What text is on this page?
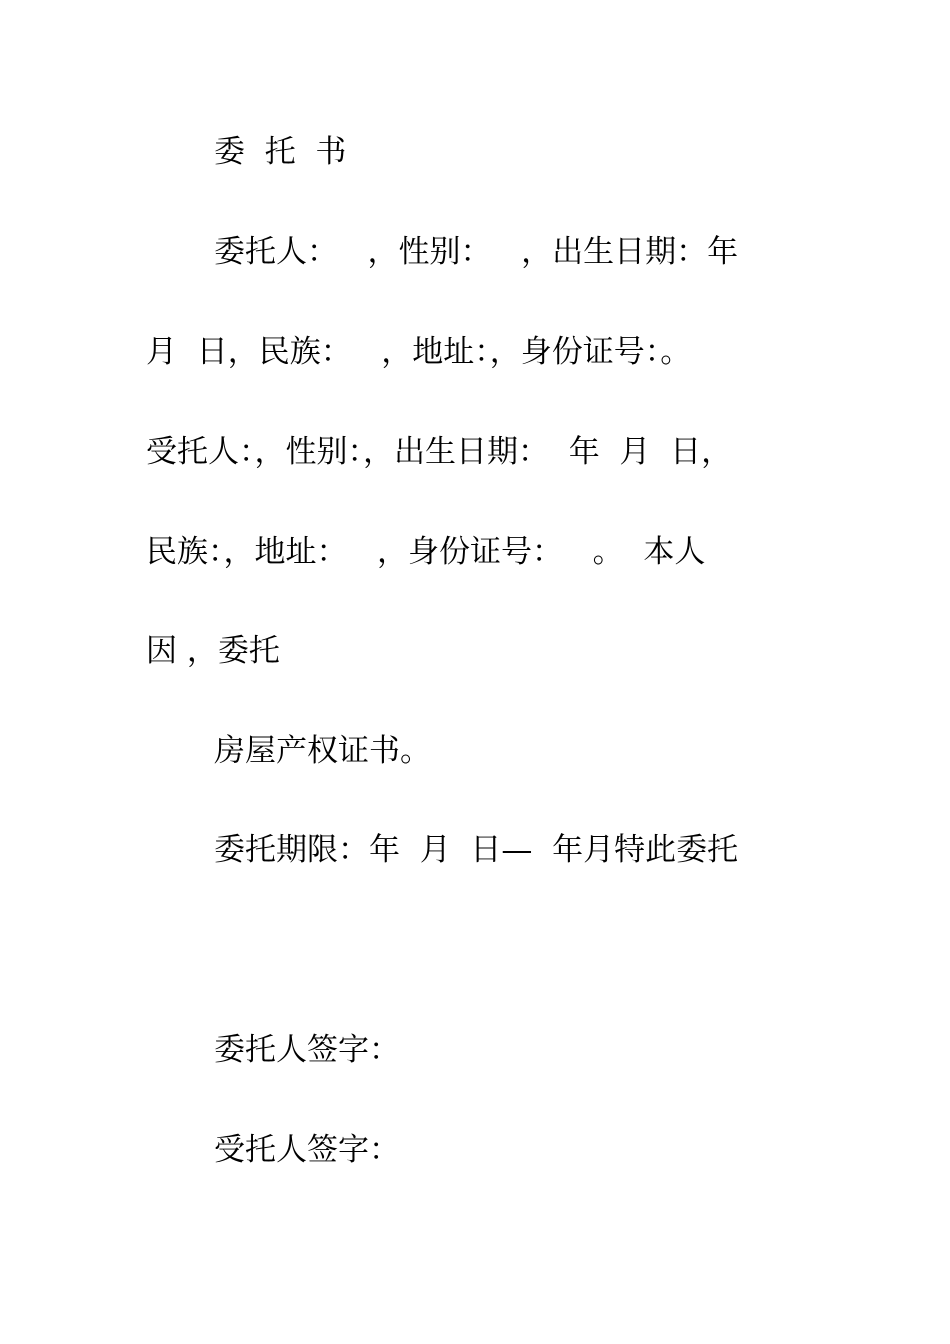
委  托  书
委托人：   ，性别：   ，出生日期：年
月  日，民族：   ，地址：，身份证号：。
受托人：，性别：，出生日期：  年  月  日，
民族：，地址：   ，身份证号：   。  本人
因 ，委托
房屋产权证书。
委托期限：年  月  日—  年月特此委托
委托人签字：
受托人签字：
